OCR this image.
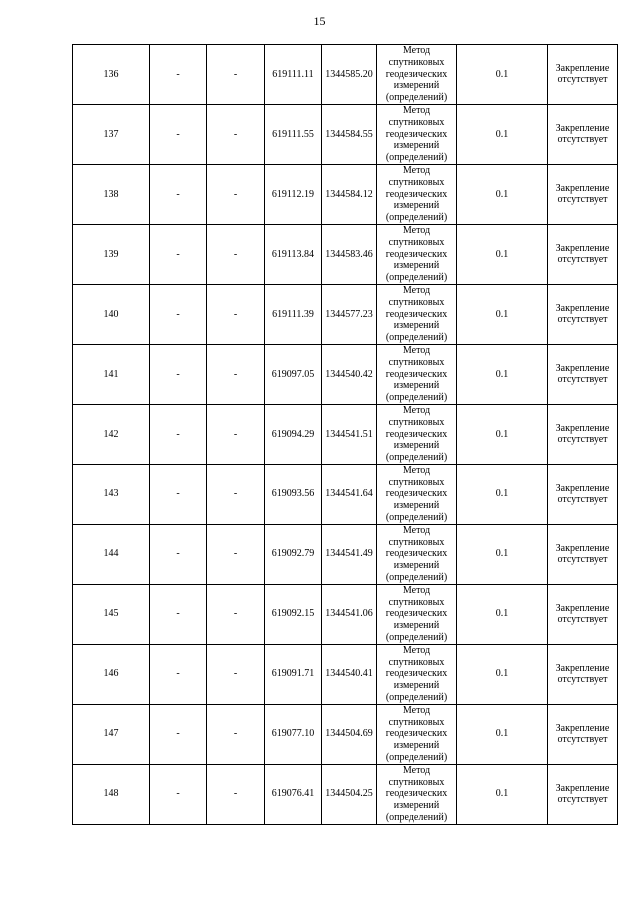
15
136	-	-	619111.11	1344585.20	Метод спутниковых геодезических измерений (определений)	0.1	Закрепление отсутствует
137	-	-	619111.55	1344584.55	Метод спутниковых геодезических измерений (определений)	0.1	Закрепление отсутствует
138	-	-	619112.19	1344584.12	Метод спутниковых геодезических измерений (определений)	0.1	Закрепление отсутствует
139	-	-	619113.84	1344583.46	Метод спутниковых геодезических измерений (определений)	0.1	Закрепление отсутствует
140	-	-	619111.39	1344577.23	Метод спутниковых геодезических измерений (определений)	0.1	Закрепление отсутствует
141	-	-	619097.05	1344540.42	Метод спутниковых геодезических измерений (определений)	0.1	Закрепление отсутствует
142	-	-	619094.29	1344541.51	Метод спутниковых геодезических измерений (определений)	0.1	Закрепление отсутствует
143	-	-	619093.56	1344541.64	Метод спутниковых геодезических измерений (определений)	0.1	Закрепление отсутствует
144	-	-	619092.79	1344541.49	Метод спутниковых геодезических измерений (определений)	0.1	Закрепление отсутствует
145	-	-	619092.15	1344541.06	Метод спутниковых геодезических измерений (определений)	0.1	Закрепление отсутствует
146	-	-	619091.71	1344540.41	Метод спутниковых геодезических измерений (определений)	0.1	Закрепление отсутствует
147	-	-	619077.10	1344504.69	Метод спутниковых геодезических измерений (определений)	0.1	Закрепление отсутствует
148	-	-	619076.41	1344504.25	Метод спутниковых геодезических измерений (определений)	0.1	Закрепление отсутствует
